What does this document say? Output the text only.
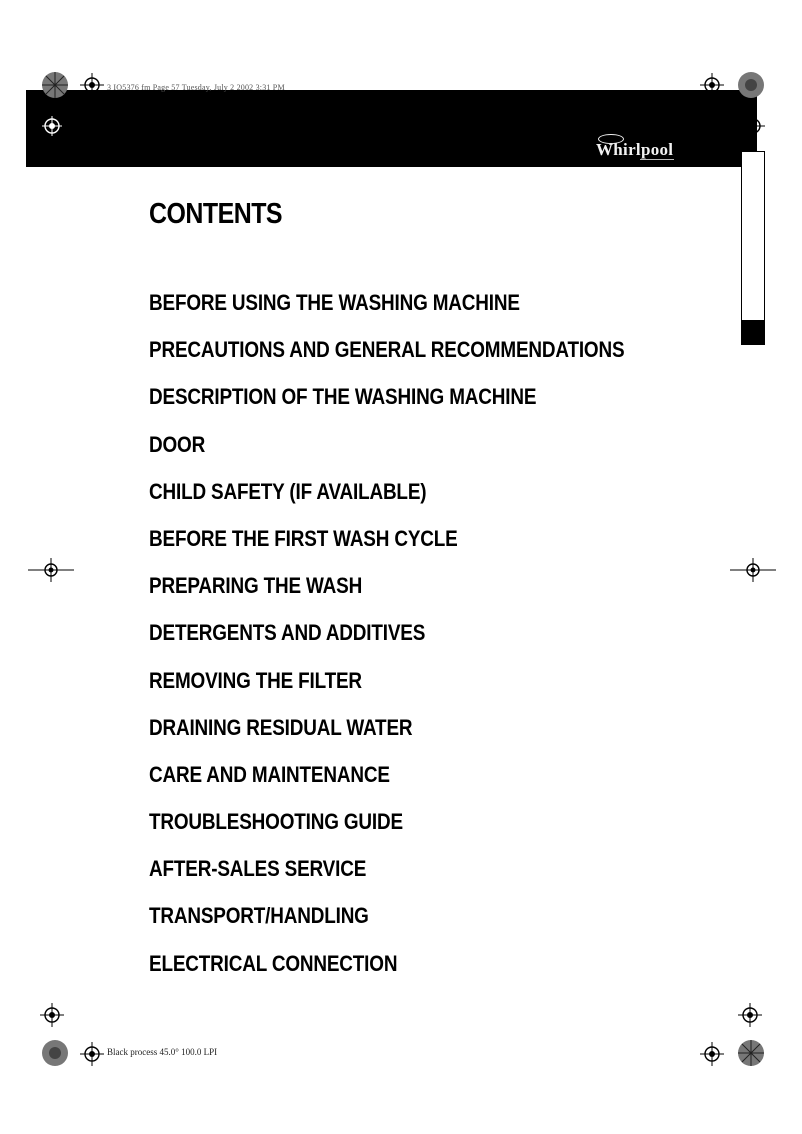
3 IO5376 fm Page 57 Tuesday, July 2 2002 3:31 PM
Whirlpool
CONTENTS
BEFORE USING THE WASHING MACHINE
PRECAUTIONS AND GENERAL RECOMMENDATIONS
DESCRIPTION OF THE WASHING MACHINE
DOOR
CHILD SAFETY (IF AVAILABLE)
BEFORE THE FIRST WASH CYCLE
PREPARING THE WASH
DETERGENTS AND ADDITIVES
REMOVING THE FILTER
DRAINING RESIDUAL WATER
CARE AND MAINTENANCE
TROUBLESHOOTING GUIDE
AFTER-SALES SERVICE
TRANSPORT/HANDLING
ELECTRICAL CONNECTION
Black process 45.0° 100.0 LPI
